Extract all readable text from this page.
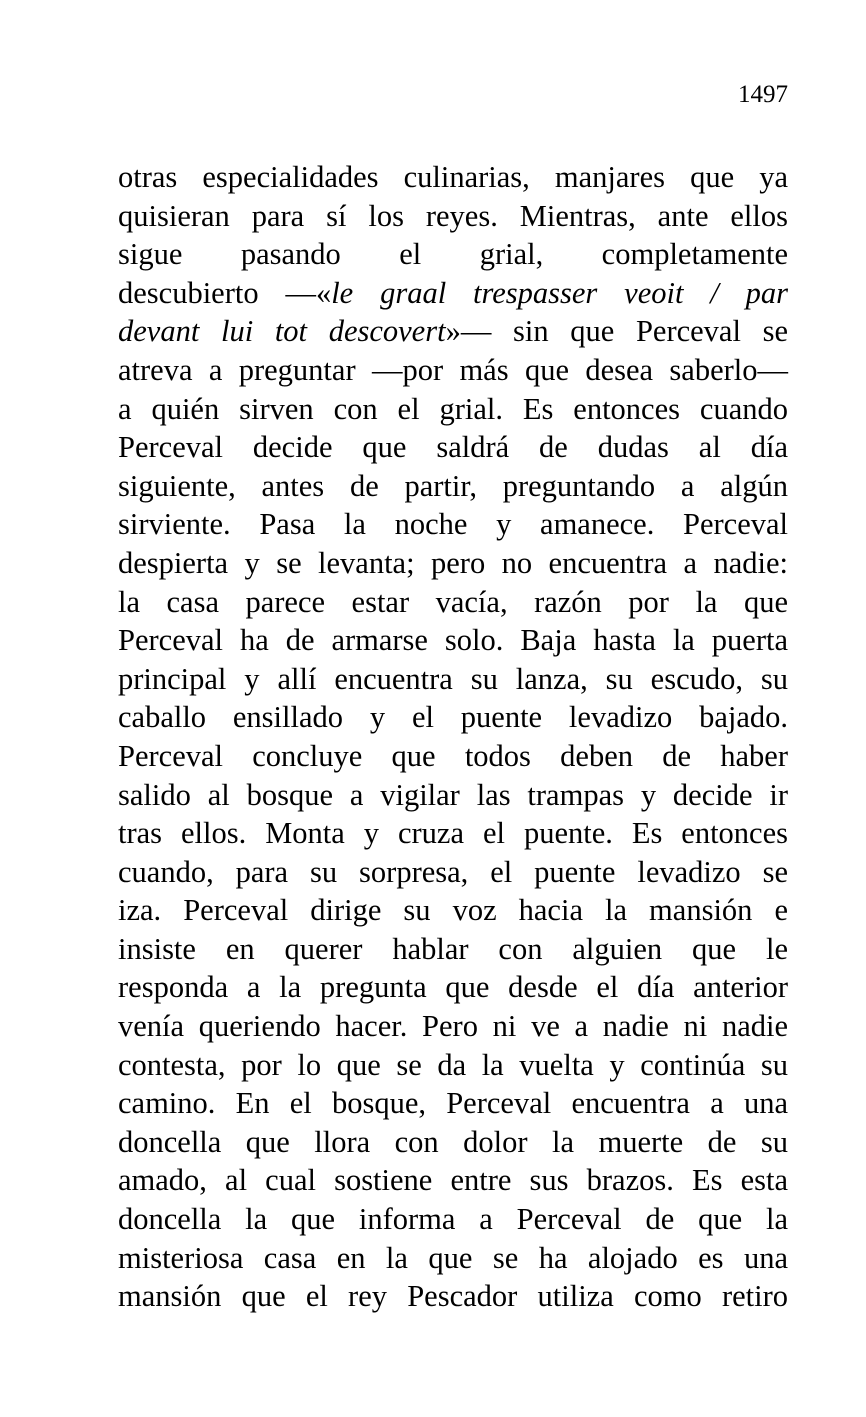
1497
otras especialidades culinarias, manjares que ya
quisieran para sí los reyes. Mientras, ante ellos
sigue pasando el grial, completamente
descubierto —«le graal trespasser veoit / par
devant lui tot descovert»— sin que Perceval se
atreva a preguntar —por más que desea saberlo—
a quién sirven con el grial. Es entonces cuando
Perceval decide que saldrá de dudas al día
siguiente, antes de partir, preguntando a algún
sirviente. Pasa la noche y amanece. Perceval
despierta y se levanta; pero no encuentra a nadie:
la casa parece estar vacía, razón por la que
Perceval ha de armarse solo. Baja hasta la puerta
principal y allí encuentra su lanza, su escudo, su
caballo ensillado y el puente levadizo bajado.
Perceval concluye que todos deben de haber
salido al bosque a vigilar las trampas y decide ir
tras ellos. Monta y cruza el puente. Es entonces
cuando, para su sorpresa, el puente levadizo se
iza. Perceval dirige su voz hacia la mansión e
insiste en querer hablar con alguien que le
responda a la pregunta que desde el día anterior
venía queriendo hacer. Pero ni ve a nadie ni nadie
contesta, por lo que se da la vuelta y continúa su
camino. En el bosque, Perceval encuentra a una
doncella que llora con dolor la muerte de su
amado, al cual sostiene entre sus brazos. Es esta
doncella la que informa a Perceval de que la
misteriosa casa en la que se ha alojado es una
mansión que el rey Pescador utiliza como retiro
